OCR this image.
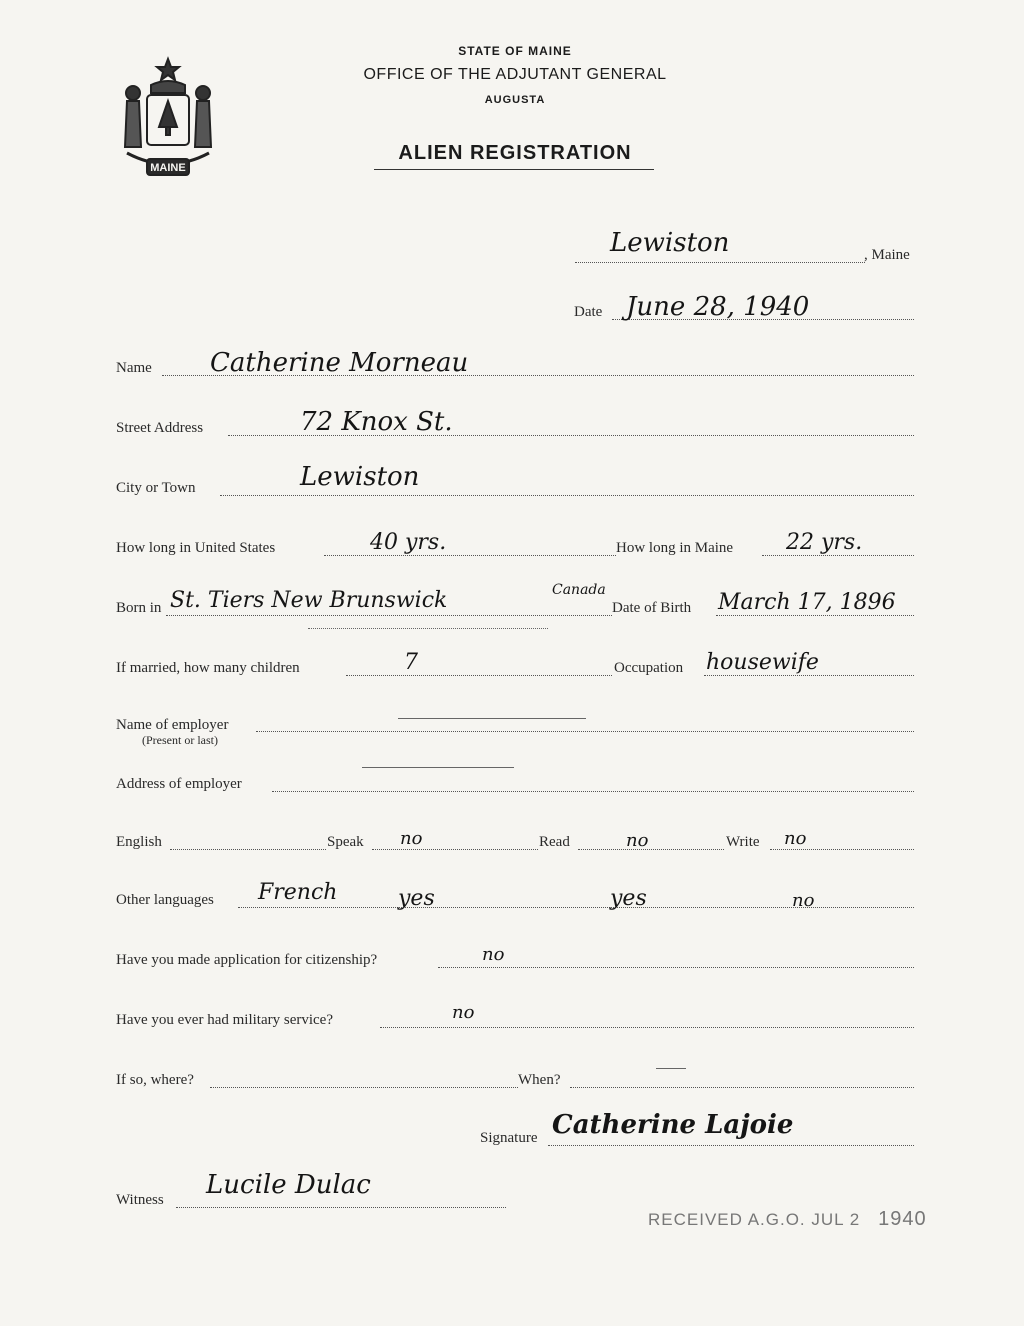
MAINE
STATE OF MAINE
OFFICE OF THE ADJUTANT GENERAL
AUGUSTA
ALIEN REGISTRATION
Lewiston	, Maine
Date June 28, 1940
Name Catherine Morneau
Street Address	72 Knox St.
City or Town	Lewiston
How long in United States	40 yrs.	How long in Maine 22 yrs.
Born in St. Tiers New Brunswick	Canada
Date of Birth March 17, 1896
If married, how many children	7	Occupation housewife
Name of employer
(Present or last)
Address of employer
English	Speak no	Read	no	Write no
Other languages French	yes	yes	no
Have you made application for citizenship?	no
Have you ever had military service?	no
If so, where?	When?
Signature Catherine Lajoie
Witness Lucile Dulac
RECEIVED A.G.O. JUL 2 1940
